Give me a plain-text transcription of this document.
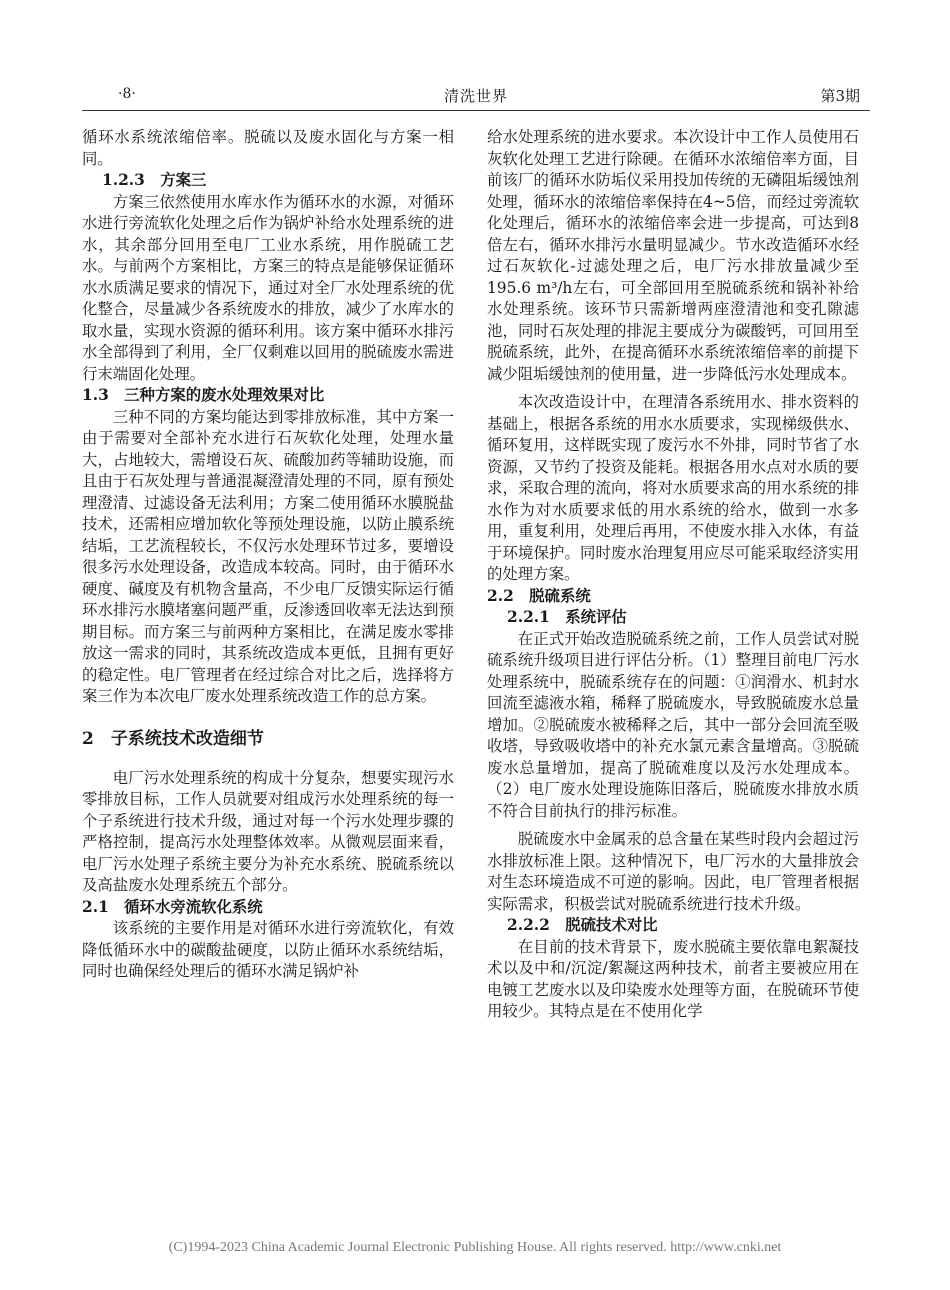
·8·	清洗世界	第3期

循环水系统浓缩倍率。脱硫以及废水固化与方案一相同。

1.2.3　方案三

方案三依然使用水库水作为循环水的水源，对循环水进行旁流软化处理之后作为锅炉补给水处理系统的进水，其余部分回用至电厂工业水系统，用作脱硫工艺水。与前两个方案相比，方案三的特点是能够保证循环水水质满足要求的情况下，通过对全厂水处理系统的优化整合，尽量减少各系统废水的排放，减少了水库水的取水量，实现水资源的循环利用。该方案中循环水排污水全部得到了利用，全厂仅剩难以回用的脱硫废水需进行末端固化处理。

1.3　三种方案的废水处理效果对比

三种不同的方案均能达到零排放标准，其中方案一由于需要对全部补充水进行石灰软化处理，处理水量大，占地较大，需增设石灰、硫酸加药等辅助设施，而且由于石灰处理与普通混凝澄清处理的不同，原有预处理澄清、过滤设备无法利用；方案二使用循环水膜脱盐技术，还需相应增加软化等预处理设施，以防止膜系统结垢，工艺流程较长，不仅污水处理环节过多，要增设很多污水处理设备，改造成本较高。同时，由于循环水硬度、碱度及有机物含量高，不少电厂反馈实际运行循环水排污水膜堵塞问题严重，反渗透回收率无法达到预期目标。而方案三与前两种方案相比，在满足废水零排放这一需求的同时，其系统改造成本更低，且拥有更好的稳定性。电厂管理者在经过综合对比之后，选择将方案三作为本次电厂废水处理系统改造工作的总方案。

2　子系统技术改造细节

电厂污水处理系统的构成十分复杂，想要实现污水零排放目标，工作人员就要对组成污水处理系统的每一个子系统进行技术升级，通过对每一个污水处理步骤的严格控制，提高污水处理整体效率。从微观层面来看，电厂污水处理子系统主要分为补充水系统、脱硫系统以及高盐废水处理系统五个部分。

2.1　循环水旁流软化系统

该系统的主要作用是对循环水进行旁流软化，有效降低循环水中的碳酸盐硬度，以防止循环水系统结垢，同时也确保经处理后的循环水满足锅炉补

给水处理系统的进水要求。本次设计中工作人员使用石灰软化处理工艺进行除硬。在循环水浓缩倍率方面，目前该厂的循环水防垢仪采用投加传统的无磷阻垢缓蚀剂处理，循环水的浓缩倍率保持在4~5倍，而经过旁流软化处理后，循环水的浓缩倍率会进一步提高，可达到8倍左右，循环水排污水量明显减少。节水改造循环水经过石灰软化-过滤处理之后，电厂污水排放量减少至195.6 m³/h左右，可全部回用至脱硫系统和锅补补给水处理系统。该环节只需新增两座澄清池和变孔隙滤池，同时石灰处理的排泥主要成分为碳酸钙，可回用至脱硫系统，此外，在提高循环水系统浓缩倍率的前提下减少阻垢缓蚀剂的使用量，进一步降低污水处理成本。

本次改造设计中，在理清各系统用水、排水资料的基础上，根据各系统的用水水质要求，实现梯级供水、循环复用，这样既实现了废污水不外排，同时节省了水资源，又节约了投资及能耗。根据各用水点对水质的要求，采取合理的流向，将对水质要求高的用水系统的排水作为对水质要求低的用水系统的给水，做到一水多用，重复利用，处理后再用，不使废水排入水体，有益于环境保护。同时废水治理复用应尽可能采取经济实用的处理方案。

2.2　脱硫系统
2.2.1　系统评估

在正式开始改造脱硫系统之前，工作人员尝试对脱硫系统升级项目进行评估分析。（1）整理目前电厂污水处理系统中，脱硫系统存在的问题：①润滑水、机封水回流至滤液水箱，稀释了脱硫废水，导致脱硫废水总量增加。②脱硫废水被稀释之后，其中一部分会回流至吸收塔，导致吸收塔中的补充水氯元素含量增高。③脱硫废水总量增加，提高了脱硫难度以及污水处理成本。（2）电厂废水处理设施陈旧落后，脱硫废水排放水质不符合目前执行的排污标准。

脱硫废水中金属汞的总含量在某些时段内会超过污水排放标准上限。这种情况下，电厂污水的大量排放会对生态环境造成不可逆的影响。因此，电厂管理者根据实际需求，积极尝试对脱硫系统进行技术升级。

2.2.2　脱硫技术对比

在目前的技术背景下，废水脱硫主要依靠电絮凝技术以及中和/沉淀/絮凝这两种技术，前者主要被应用在电镀工艺废水以及印染废水处理等方面，在脱硫环节使用较少。其特点是在不使用化学

(C)1994-2023 China Academic Journal Electronic Publishing House. All rights reserved. http://www.cnki.net
